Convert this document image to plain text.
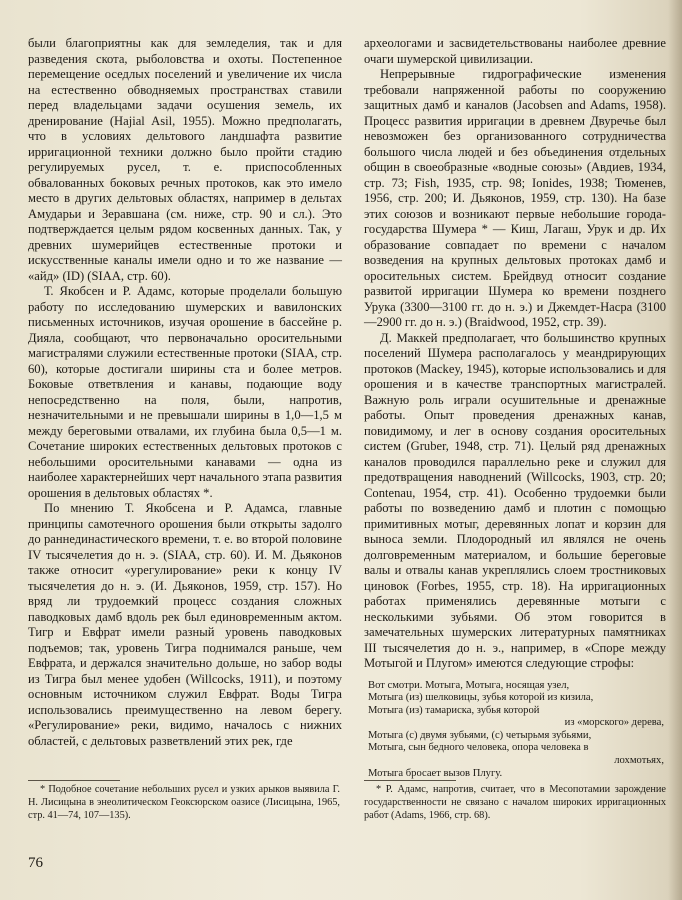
были благоприятны как для земледелия, так и для разведения скота, рыболовства и охоты. Постепенное перемещение оседлых поселений и увеличение их числа на естественно обводняемых пространствах ставили перед владельцами задачи осушения земель, их дренирование (Hajial Asil, 1955). Можно предполагать, что в условиях дельтового ландшафта развитие ирригационной техники должно было пройти стадию регулируемых русел, т. е. приспособленных обвалованных боковых речных протоков, как это имело место в других дельтовых областях, например в дельтах Амударьи и Зеравшана (см. ниже, стр. 90 и сл.). Это подтверждается целым рядом косвенных данных. Так, у древних шумерийцев естественные протоки и искусственные каналы имели одно и то же название — «айд» (ID) (SIAA, стр. 60).

Т. Якобсен и Р. Адамс, которые проделали большую работу по исследованию шумерских и вавилонских письменных источников, изучая орошение в бассейне р. Дияла, сообщают, что первоначально оросительными магистралями служили естественные протоки (SIAA, стр. 60), которые достигали ширины ста и более метров. Боковые ответвления и канавы, подающие воду непосредственно на поля, были, напротив, незначительными и не превышали ширины в 1,0—1,5 м между береговыми отвалами, их глубина была 0,5—1 м. Сочетание широких естественных дельтовых протоков с небольшими оросительными канавами — одна из наиболее характернейших черт начального этапа развития орошения в дельтовых областях *.

По мнению Т. Якобсена и Р. Адамса, главные принципы самотечного орошения были открыты задолго до раннединастического времени, т. е. во второй половине IV тысячелетия до н. э. (SIAA, стр. 60). И. М. Дьяконов также относит «урегулирование» реки к концу IV тысячелетия до н. э. (И. Дьяконов, 1959, стр. 157). Но вряд ли трудоемкий процесс создания сложных паводковых дамб вдоль рек был единовременным актом. Тигр и Евфрат имели разный уровень паводковых подъемов; так, уровень Тигра поднимался раньше, чем Евфрата, и держался значительно дольше, но забор воды из Тигра был менее удобен (Willcocks, 1911), и поэтому основным источником служил Евфрат. Воды Тигра использовались преимущественно на левом берегу. «Регулирование» реки, видимо, началось с нижних областей, с дельтовых разветвлений этих рек, где

археологами и засвидетельствованы наиболее древние очаги шумерской цивилизации.

Непрерывные гидрографические изменения требовали напряженной работы по сооружению защитных дамб и каналов (Jacobsen and Adams, 1958). Процесс развития ирригации в древнем Двуречье был невозможен без организованного сотрудничества большого числа людей и без объединения отдельных общин в своеобразные «водные союзы» (Авдиев, 1934, стр. 73; Fish, 1935, стр. 98; Ionides, 1938; Тюменев, 1956, стр. 200; И. Дьяконов, 1959, стр. 130). На базе этих союзов и возникают первые небольшие города-государства Шумера * — Киш, Лагаш, Урук и др. Их образование совпадает по времени с началом возведения на крупных дельтовых протоках дамб и оросительных систем. Брейдвуд относит создание развитой ирригации Шумера ко времени позднего Урука (3300—3100 гг. до н. э.) и Джемдет-Насра (3100—2900 гг. до н. э.) (Braidwood, 1952, стр. 39).

Д. Маккей предполагает, что большинство крупных поселений Шумера располагалось у меандрирующих протоков (Mackey, 1945), которые использовались и для орошения и в качестве транспортных магистралей. Важную роль играли осушительные и дренажные работы. Опыт проведения дренажных канав, повидимому, и лег в основу создания оросительных систем (Gruber, 1948, стр. 71). Целый ряд дренажных каналов проводился параллельно реке и служил для предотвращения наводнений (Willcocks, 1903, стр. 20; Contenau, 1954, стр. 41). Особенно трудоемки были работы по возведению дамб и плотин с помощью примитивных мотыг, деревянных лопат и корзин для выноса земли. Плодородный ил являлся не очень долговременным материалом, и большие береговые валы и отвалы канав укреплялись слоем тростниковых циновок (Forbes, 1955, стр. 18). На ирригационных работах применялись деревянные мотыги с несколькими зубьями. Об этом говорится в замечательных шумерских литературных памятниках III тысячелетия до н. э., например, в «Споре между Мотыгой и Плугом» имеются следующие строфы:

Вот смотри. Мотыга, Мотыга, носящая узел,
Мотыга (из) шелковицы, зубья которой из кизила,
Мотыга (из) тамариска, зубья которой
из «морского» дерева,
Мотыга (с) двумя зубьями, (с) четырьмя зубьями,
Мотыга, сын бедного человека, опора человека в
лохмотьях,
Мотыга бросает вызов Плугу.
* Подобное сочетание небольших русел и узких арыков выявила Г. Н. Лисицына в энеолитическом Геоксюрском оазисе (Лисицына, 1965, стр. 41—74, 107—135).
* Р. Адамс, напротив, считает, что в Месопотамии зарождение государственности не связано с началом широких ирригационных работ (Adams, 1966, стр. 68).
76
